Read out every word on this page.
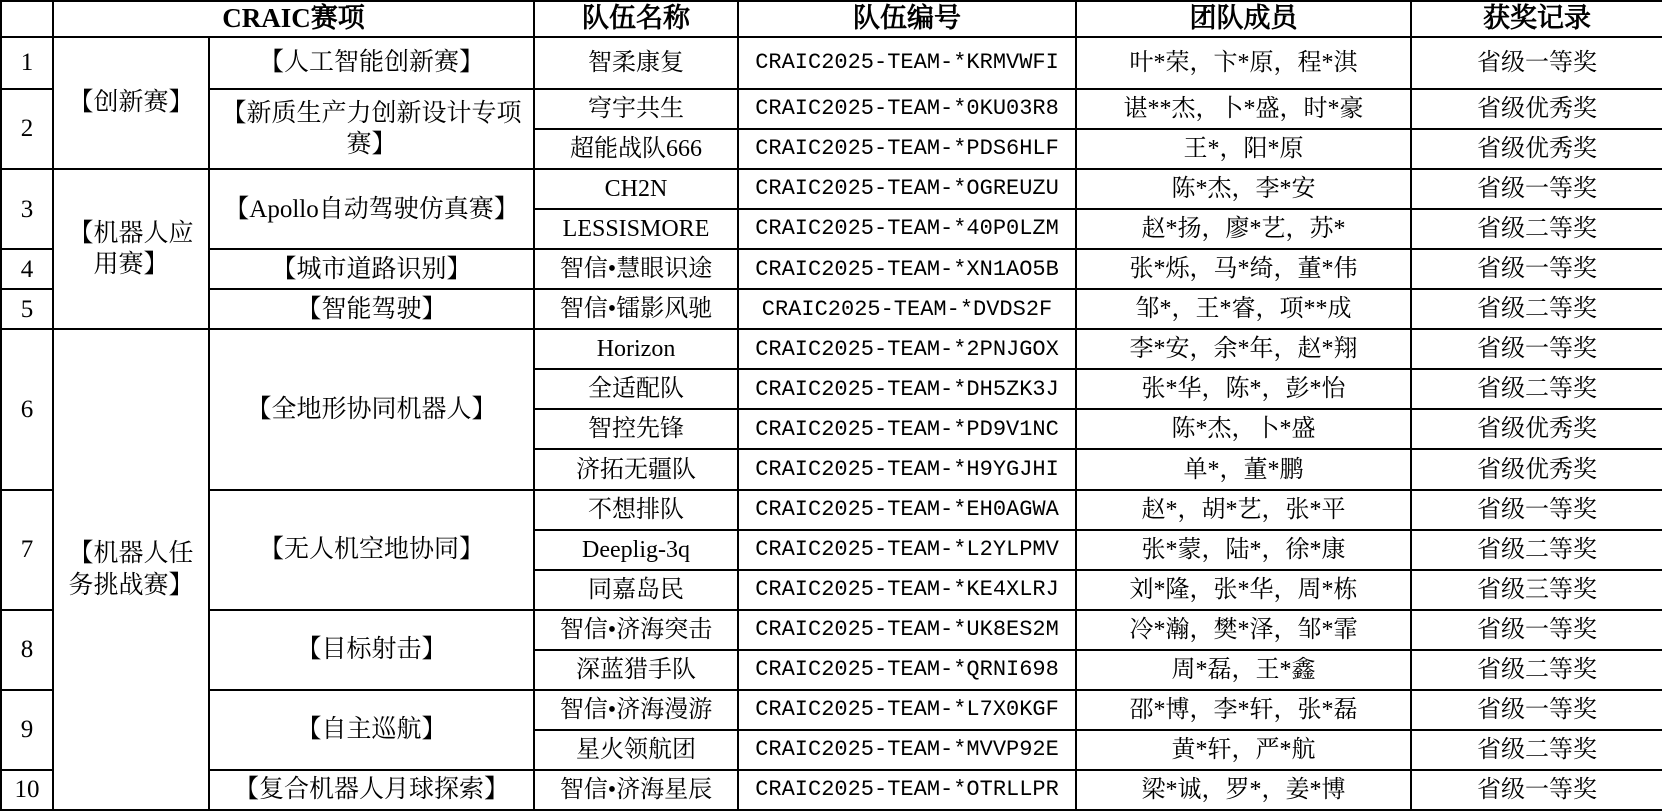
	CRAIC赛项		队伍名称	队伍编号	团队成员	获奖记录
1	【创新赛】	【人工智能创新赛】	智柔康复	CRAIC2025-TEAM-*KRMVWFI	叶*荣，卞*原，程*淇	省级一等奖
2		【新质生产力创新设计专项赛】	穹宇共生	CRAIC2025-TEAM-*0KU03R8	谌**杰，卜*盛，时*豪	省级优秀奖
			超能战队666	CRAIC2025-TEAM-*PDS6HLF	王*，阳*原	省级优秀奖
3	【机器人应用赛】	【Apollo自动驾驶仿真赛】	CH2N	CRAIC2025-TEAM-*OGREUZU	陈*杰，李*安	省级一等奖
			LESSISMORE	CRAIC2025-TEAM-*40P0LZM	赵*扬，廖*艺，苏*	省级二等奖
4		【城市道路识别】	智信•慧眼识途	CRAIC2025-TEAM-*XN1AO5B	张*烁，马*绮，董*伟	省级一等奖
5		【智能驾驶】	智信•镭影风驰	CRAIC2025-TEAM-*DVDS2F	邹*，王*睿，项**成	省级二等奖
6	【机器人任务挑战赛】	【全地形协同机器人】	Horizon	CRAIC2025-TEAM-*2PNJGOX	李*安，余*年，赵*翔	省级一等奖
			全适配队	CRAIC2025-TEAM-*DH5ZK3J	张*华，陈*，彭*怡	省级二等奖
			智控先锋	CRAIC2025-TEAM-*PD9V1NC	陈*杰，卜*盛	省级优秀奖
			济拓无疆队	CRAIC2025-TEAM-*H9YGJHI	单*，董*鹏	省级优秀奖
7		【无人机空地协同】	不想排队	CRAIC2025-TEAM-*EH0AGWA	赵*，胡*艺，张*平	省级一等奖
			Deeplig-3q	CRAIC2025-TEAM-*L2YLPMV	张*蒙，陆*，徐*康	省级二等奖
			同嘉岛民	CRAIC2025-TEAM-*KE4XLRJ	刘*隆，张*华，周*栋	省级三等奖
8		【目标射击】	智信•济海突击	CRAIC2025-TEAM-*UK8ES2M	冷*瀚，樊*泽，邹*霏	省级一等奖
			深蓝猎手队	CRAIC2025-TEAM-*QRNI698	周*磊，王*鑫	省级二等奖
9		【自主巡航】	智信•济海漫游	CRAIC2025-TEAM-*L7X0KGF	邵*博，李*轩，张*磊	省级一等奖
			星火领航团	CRAIC2025-TEAM-*MVVP92E	黄*轩，严*航	省级二等奖
10		【复合机器人月球探索】	智信•济海星辰	CRAIC2025-TEAM-*OTRLLPR	梁*诚，罗*，姜*博	省级一等奖
